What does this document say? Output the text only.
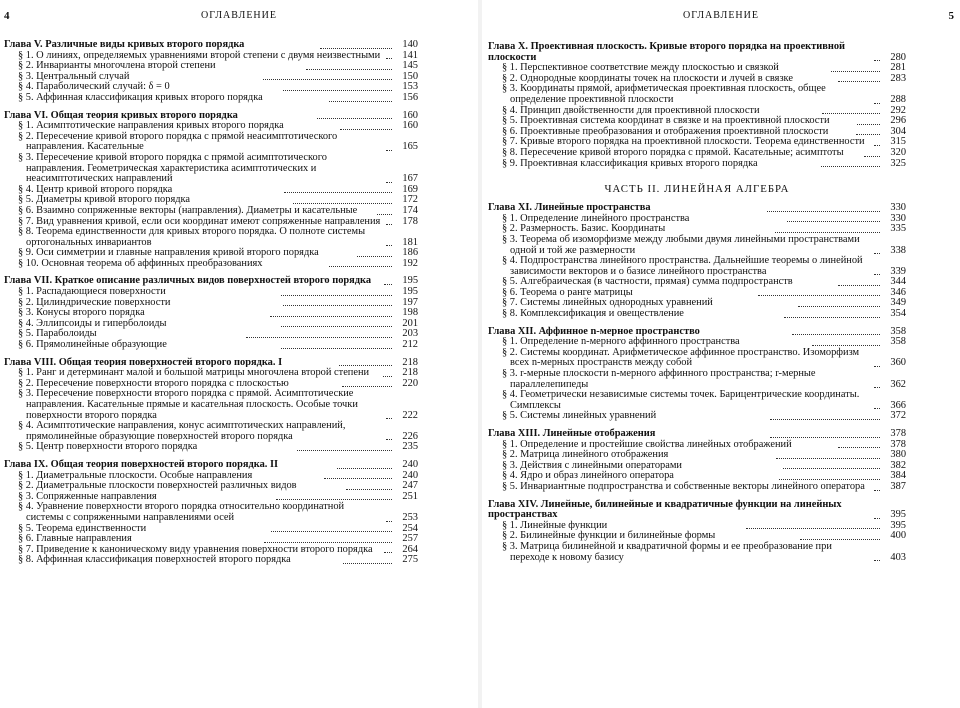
4	ОГЛАВЛЕНИЕ
Глава V. Различные виды кривых второго порядка	140
§ 1. О линиях, определяемых уравнениями второй степени с двумя неизвестными	141
§ 2. Инварианты многочлена второй степени	145
§ 3. Центральный случай	150
§ 4. Параболический случай: δ = 0	153
§ 5. Аффинная классификация кривых второго порядка	156
Глава VI. Общая теория кривых второго порядка	160
§ 1. Асимптотические направления кривых второго порядка	160
§ 2. Пересечение кривой второго порядка с прямой неасимптотического направления. Касательные	165
§ 3. Пересечение кривой второго порядка с прямой асимптотического направления. Геометрическая характеристика асимптотических и неасимптотических направлений	167
§ 4. Центр кривой второго порядка	169
§ 5. Диаметры кривой второго порядка	172
§ 6. Взаимно сопряженные векторы (направления). Диаметры и касательные	174
§ 7. Вид уравнения кривой, если оси координат имеют сопряженные направления	178
§ 8. Теорема единственности для кривых второго порядка. О полноте системы ортогональных инвариантов	181
§ 9. Оси симметрии и главные направления кривой второго порядка	186
§ 10. Основная теорема об аффинных преобразованиях	192
Глава VII. Краткое описание различных видов поверхностей второго порядка	195
§ 1. Распадающиеся поверхности	195
§ 2. Цилиндрические поверхности	197
§ 3. Конусы второго порядка	198
§ 4. Эллипсоиды и гиперболоиды	201
§ 5. Параболоиды	203
§ 6. Прямолинейные образующие	212
Глава VIII. Общая теория поверхностей второго порядка. I	218
§ 1. Ранг и детерминант малой и большой матрицы многочлена второй степени	218
§ 2. Пересечение поверхности второго порядка с плоскостью	220
§ 3. Пересечение поверхности второго порядка с прямой. Асимптотические направления. Касательные прямые и касательная плоскость. Особые точки поверхности второго порядка	222
§ 4. Асимптотические направления, конус асимптотических направлений, прямолинейные образующие поверхностей второго порядка	226
§ 5. Центр поверхности второго порядка	235
Глава IX. Общая теория поверхностей второго порядка. II	240
§ 1. Диаметральные плоскости. Особые направления	240
§ 2. Диаметральные плоскости поверхностей различных видов	247
§ 3. Сопряженные направления	251
§ 4. Уравнение поверхности второго порядка относительно координатной системы с сопряженными направлениями осей	253
§ 5. Теорема единственности	254
§ 6. Главные направления	257
§ 7. Приведение к каноническому виду уравнения поверхности второго порядка	264
§ 8. Аффинная классификация поверхностей второго порядка	275
ОГЛАВЛЕНИЕ	5
Глава X. Проективная плоскость. Кривые второго порядка на проективной плоскости	280
§ 1. Перспективное соответствие между плоскостью и связкой	281
§ 2. Однородные координаты точек на плоскости и лучей в связке	283
§ 3. Координаты прямой, арифметическая проективная плоскость, общее определение проективной плоскости	288
§ 4. Принцип двойственности для проективной плоскости	292
§ 5. Проективная система координат в связке и на проективной плоскости	296
§ 6. Проективные преобразования и отображения проективной плоскости	304
§ 7. Кривые второго порядка на проективной плоскости. Теорема единственности	315
§ 8. Пересечение кривой второго порядка с прямой. Касательные; асимптоты	320
§ 9. Проективная классификация кривых второго порядка	325
ЧАСТЬ II. ЛИНЕЙНАЯ АЛГЕБРА
Глава XI. Линейные пространства	330
§ 1. Определение линейного пространства	330
§ 2. Размерность. Базис. Координаты	335
§ 3. Теорема об изоморфизме между любыми двумя линейными пространствами одной и той же размерности	338
§ 4. Подпространства линейного пространства. Дальнейшие теоремы о линейной зависимости векторов и о базисе линейного пространства	339
§ 5. Алгебраическая (в частности, прямая) сумма подпространств	344
§ 6. Теорема о ранге матрицы	346
§ 7. Системы линейных однородных уравнений	349
§ 8. Комплексификация и овеществление	354
Глава XII. Аффинное n-мерное пространство	358
§ 1. Определение n-мерного аффинного пространства	358
§ 2. Системы координат. Арифметическое аффинное пространство. Изоморфизм всех n-мерных пространств между собой	360
§ 3. r-мерные плоскости n-мерного аффинного пространства; r-мерные параллелепипеды	362
§ 4. Геометрически независимые системы точек. Барицентрические координаты. Симплексы	366
§ 5. Системы линейных уравнений	372
Глава XIII. Линейные отображения	378
§ 1. Определение и простейшие свойства линейных отображений	378
§ 2. Матрица линейного отображения	380
§ 3. Действия с линейными операторами	382
§ 4. Ядро и образ линейного оператора	384
§ 5. Инвариантные подпространства и собственные векторы линейного оператора	387
Глава XIV. Линейные, билинейные и квадратичные функции на линейных пространствах	395
§ 1. Линейные функции	395
§ 2. Билинейные функции и билинейные формы	400
§ 3. Матрица билинейной и квадратичной формы и ее преобразование при переходе к новому базису	403
